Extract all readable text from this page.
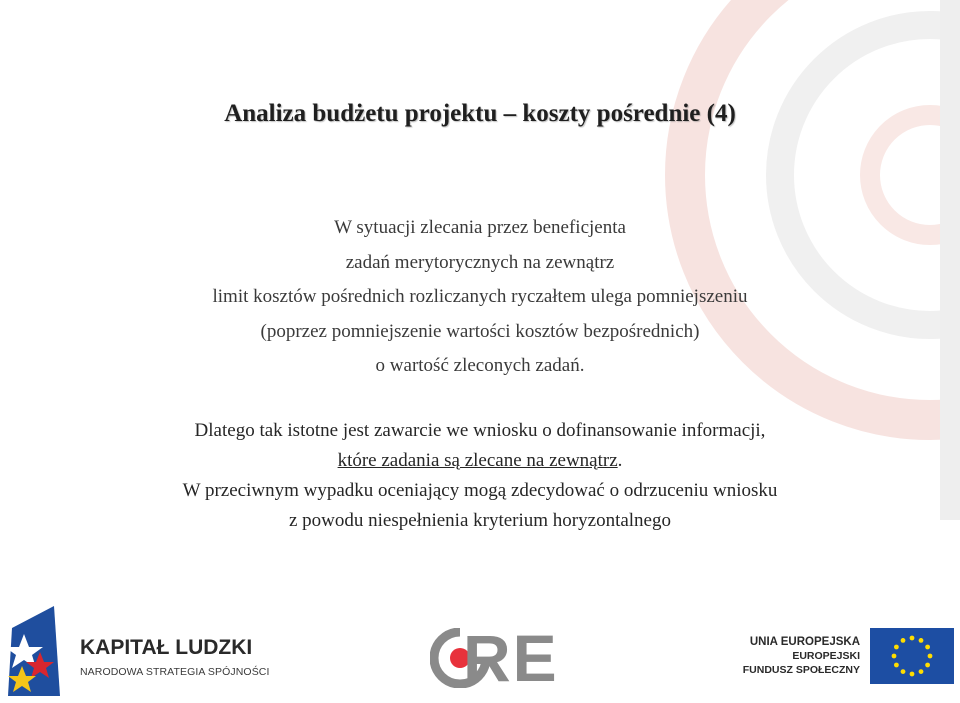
Analiza budżetu projektu – koszty pośrednie (4)
W sytuacji zlecania przez beneficjenta
zadań merytorycznych na zewnątrz
limit kosztów pośrednich rozliczanych ryczałtem ulega pomniejszeniu
(poprzez pomniejszenie wartości kosztów bezpośrednich)
o wartość zleconych zadań.
Dlatego tak istotne jest zawarcie we wniosku o dofinansowanie informacji,
które zadania są zlecane na zewnątrz.
W przeciwnym wypadku oceniający mogą zdecydować o odrzuceniu wniosku
z powodu niespełnienia kryterium horyzontalnego
KAPITAŁ LUDZKI
NARODOWA STRATEGIA SPÓJNOŚCI	RE	UNIA EUROPEJSKA
EUROPEJSKI
FUNDUSZ SPOŁECZNY
